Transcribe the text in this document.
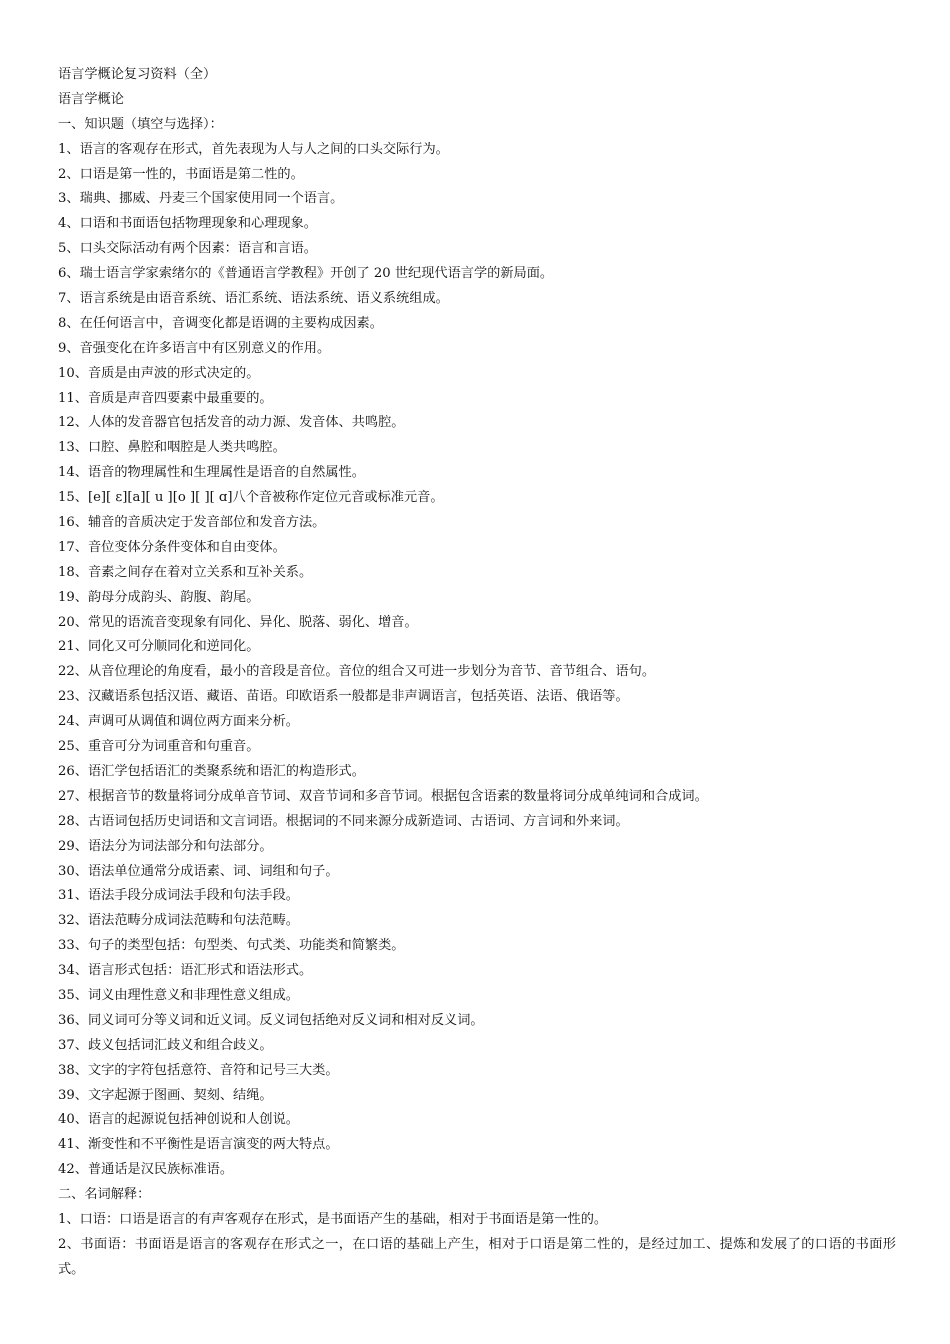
语言学概论复习资料（全）
语言学概论
一、知识题（填空与选择）：
1、语言的客观存在形式，首先表现为人与人之间的口头交际行为。
2、口语是第一性的，书面语是第二性的。
3、瑞典、挪威、丹麦三个国家使用同一个语言。
4、口语和书面语包括物理现象和心理现象。
5、口头交际活动有两个因素：语言和言语。
6、瑞士语言学家索绪尔的《普通语言学教程》开创了 20 世纪现代语言学的新局面。
7、语言系统是由语音系统、语汇系统、语法系统、语义系统组成。
8、在任何语言中，音调变化都是语调的主要构成因素。
9、音强变化在许多语言中有区别意义的作用。
10、音质是由声波的形式决定的。
11、音质是声音四要素中最重要的。
12、人体的发音器官包括发音的动力源、发音体、共鸣腔。
13、口腔、鼻腔和咽腔是人类共鸣腔。
14、语音的物理属性和生理属性是语音的自然属性。
15、[e][ ε][a][ u ][o ][ ][ ɑ]八个音被称作定位元音或标准元音。
16、辅音的音质决定于发音部位和发音方法。
17、音位变体分条件变体和自由变体。
18、音素之间存在着对立关系和互补关系。
19、韵母分成韵头、韵腹、韵尾。
20、常见的语流音变现象有同化、异化、脱落、弱化、增音。
21、同化又可分顺同化和逆同化。
22、从音位理论的角度看，最小的音段是音位。音位的组合又可进一步划分为音节、音节组合、语句。
23、汉藏语系包括汉语、藏语、苗语。印欧语系一般都是非声调语言，包括英语、法语、俄语等。
24、声调可从调值和调位两方面来分析。
25、重音可分为词重音和句重音。
26、语汇学包括语汇的类聚系统和语汇的构造形式。
27、根据音节的数量将词分成单音节词、双音节词和多音节词。根据包含语素的数量将词分成单纯词和合成词。
28、古语词包括历史词语和文言词语。根据词的不同来源分成新造词、古语词、方言词和外来词。
29、语法分为词法部分和句法部分。
30、语法单位通常分成语素、词、词组和句子。
31、语法手段分成词法手段和句法手段。
32、语法范畴分成词法范畴和句法范畴。
33、句子的类型包括：句型类、句式类、功能类和简繁类。
34、语言形式包括：语汇形式和语法形式。
35、词义由理性意义和非理性意义组成。
36、同义词可分等义词和近义词。反义词包括绝对反义词和相对反义词。
37、歧义包括词汇歧义和组合歧义。
38、文字的字符包括意符、音符和记号三大类。
39、文字起源于图画、契刻、结绳。
40、语言的起源说包括神创说和人创说。
41、渐变性和不平衡性是语言演变的两大特点。
42、普通话是汉民族标准语。
二、名词解释：
1、口语：口语是语言的有声客观存在形式，是书面语产生的基础，相对于书面语是第一性的。
2、书面语：书面语是语言的客观存在形式之一，在口语的基础上产生，相对于口语是第二性的，是经过加工、提炼和发展了的口语的书面形式。
